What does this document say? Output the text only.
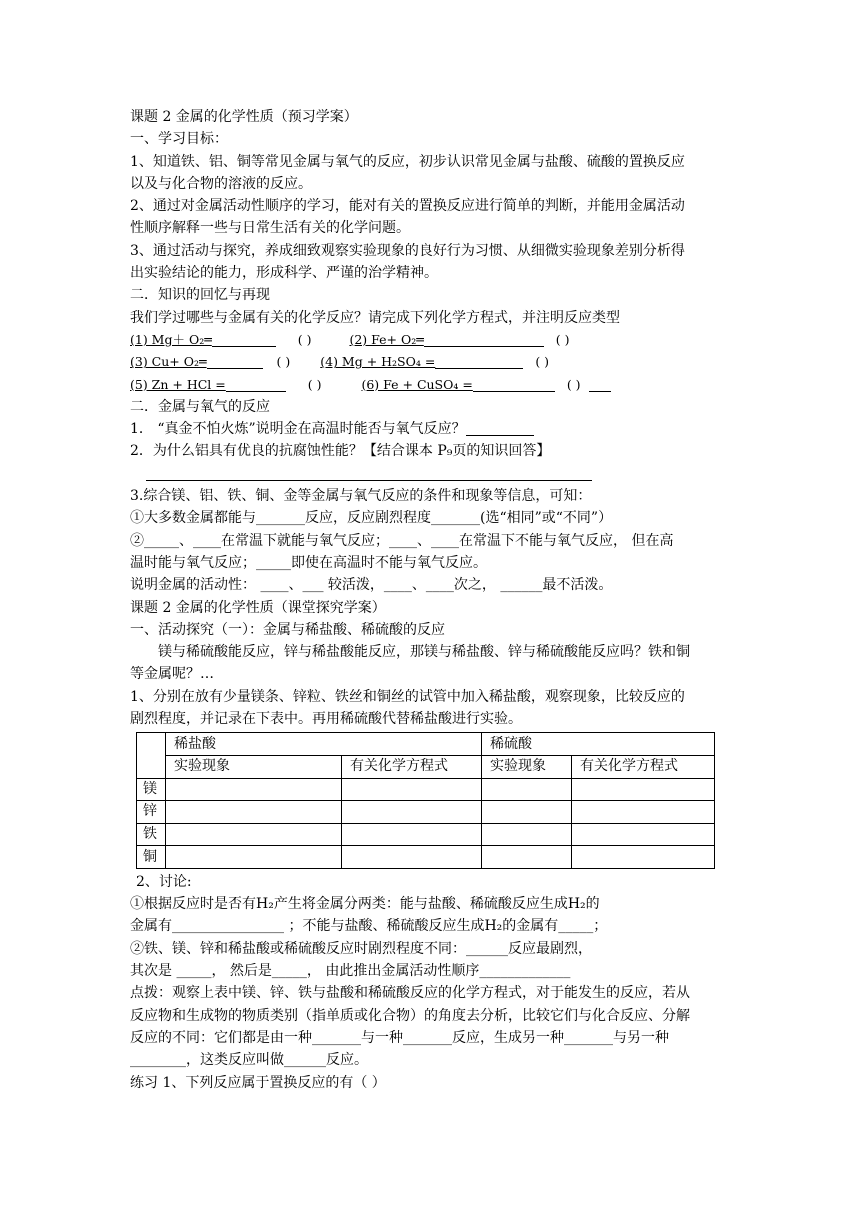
课题 2 金属的化学性质（预习学案）
一、学习目标：
1、知道铁、铝、铜等常见金属与氧气的反应，初步认识常见金属与盐酸、硫酸的置换反应
以及与化合物的溶液的反应。
2、通过对金属活动性顺序的学习，能对有关的置换反应进行简单的判断，并能用金属活动
性顺序解释一些与日常生活有关的化学问题。
3、通过活动与探究，养成细致观察实验现象的良好行为习惯、从细微实验现象差别分析得
出实验结论的能力，形成科学、严谨的治学精神。
二．知识的回忆与再现
我们学过哪些与金属有关的化学反应？请完成下列化学方程式，并注明反应类型
(1) Mg＋ O₂═	( )	(2) Fe+ O₂═	( )
(3) Cu+ O₂═	( ) (4) Mg + H₂SO₄ =	( )
(5) Zn + HCl =	( )	(6) Fe + CuSO₄ =	( )
二．金属与氧气的反应
1． “真金不怕火炼”说明金在高温时能否与氧气反应？
2．为什么铝具有优良的抗腐蚀性能？【结合课本 P₉页的知识回答】
3.综合镁、铝、铁、铜、金等金属与氧气反应的条件和现象等信息，可知：
①大多数金属都能与_______反应，反应剧烈程度_______(选“相同”或“不同”）
②_____、____在常温下就能与氧气反应；____、____在常温下不能与氧气反应， 但在高
温时能与氧气反应；_____即使在高温时不能与氧气反应。
说明金属的活动性： ____、___ 较活泼，____、____次之， ______最不活泼。
课题 2 金属的化学性质（课堂探究学案）
一、活动探究（一）：金属与稀盐酸、稀硫酸的反应
镁与稀硫酸能反应，锌与稀盐酸能反应，那镁与稀盐酸、锌与稀硫酸能反应吗？铁和铜
等金属呢？…
1、分别在放有少量镁条、锌粒、铁丝和铜丝的试管中加入稀盐酸，观察现象，比较反应的
剧烈程度，并记录在下表中。再用稀硫酸代替稀盐酸进行实验。
	稀盐酸		稀硫酸	
	实验现象	有关化学方程式	实验现象	有关化学方程式
镁				
锌				
铁				
铜				
2、讨论:
①根据反应时是否有H₂产生将金属分两类：能与盐酸、稀硫酸反应生成H₂的
金属有________________ ；不能与盐酸、稀硫酸反应生成H₂的金属有_____；
②铁、镁、锌和稀盐酸或稀硫酸反应时剧烈程度不同：______反应最剧烈，
其次是 _____， 然后是_____， 由此推出金属活动性顺序_____________
点拨：观察上表中镁、锌、铁与盐酸和稀硫酸反应的化学方程式，对于能发生的反应，若从
反应物和生成物的物质类别（指单质或化合物）的角度去分析，比较它们与化合反应、分解
反应的不同：它们都是由一种_______与一种_______反应，生成另一种_______与另一种
________，这类反应叫做______反应。
练习 1、下列反应属于置换反应的有（ ）
